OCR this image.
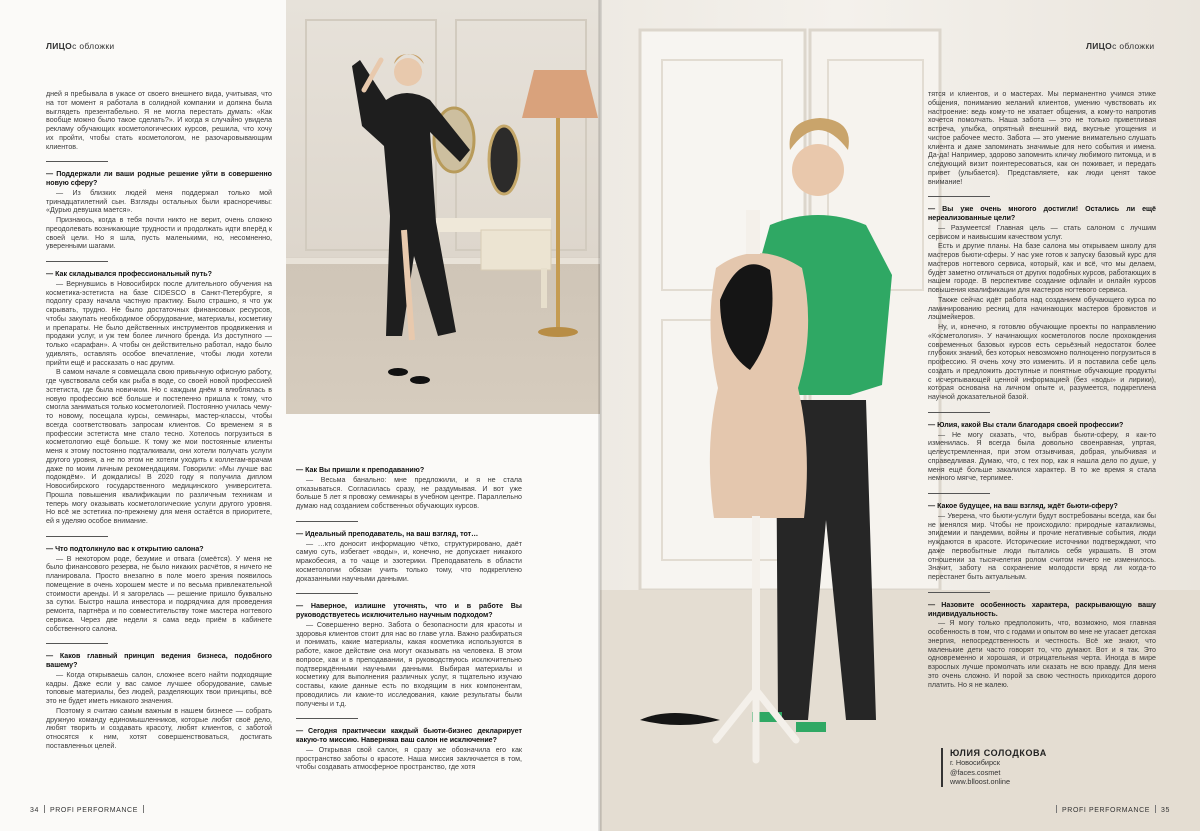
ЛИЦОс обложки

дней я пребывала в ужасе от своего внешнего вида, учитывая, что на тот момент я работала в солидной компании и должна была выглядеть презентабельно. Я не могла перестать думать: «Как вообще можно было такое сделать?». И когда я случайно увидела рекламу обучающих косметологических курсов, решила, что хочу их пройти, чтобы стать косметологом, не разочаровывающим клиентов.

— Поддержали ли ваши родные решение уйти в совершенно новую сферу?

— Из близких людей меня поддержал только мой тринадцатилетний сын. Взгляды остальных были красноречивы: «Дурью девушка мается».

Признаюсь, когда в тебя почти никто не верит, очень сложно преодолевать возникающие трудности и продолжать идти вперёд к своей цели. Но я шла, пусть маленькими, но, несомненно, уверенными шагами.

— Как складывался профессиональный путь?

— Вернувшись в Новосибирск после длительного обучения на косметика-эстетиста на базе CIDESCO в Санкт-Петербурге, я подолгу сразу начала частную практику. Было страшно, я что уж скрывать, трудно. Не было достаточных финансовых ресурсов, чтобы закупать необходимое оборудование, материалы, косметику и препараты. Не было действенных инструментов продвижения и продажи услуг, и уж тем более личного бренда. Из доступного — только «сарафан». А чтобы он действительно работал, надо было удивлять, оставлять особое впечатление, чтобы люди хотели прийти ещё и рассказать о нас другим.

В самом начале я совмещала свою привычную офисную работу, где чувствовала себя как рыба в воде, со своей новой профессией эстетиста, где была новичком. Но с каждым днём я влюблялась в новую профессию всё больше и постепенно пришла к тому, что смогла заниматься только косметологией. Постоянно училась чему-то новому, посещала курсы, семинары, мастер-классы, чтобы всегда соответствовать запросам клиентов. Со временем я в профессии эстетиста мне стало тесно. Хотелось погрузиться в косметологию ещё больше. К тому же мои постоянные клиенты меня к этому постоянно подталкивали, они хотели получать услуги другого уровня, а не по этом не хотели уходить к коллегам-врачам даже по моим личным рекомендациям. Говорили: «Мы лучше вас подождём». И дождались! В 2020 году я получила диплом Новосибирского государственного медицинского университета. Прошла повышения квалификации по различным техникам и теперь могу оказывать косметологические услуги другого уровня. Но всё же эстетика по-прежнему для меня остаётся в приоритете, ей я уделяю особое внимание.

— Что подтолкнуло вас к открытию салона?

— В некотором роде, безумие и отвага (смеётся). У меня не было финансового резерва, не было никаких расчётов, я ничего не планировала. Просто внезапно в поле моего зрения появилось помещение в очень хорошем месте и по весьма привлекательной стоимости аренды. И я загорелась — решение пришло буквально за сутки. Быстро нашла инвестора и подрядчика для проведения ремонта, партнёра и по совместительству тоже мастера ногтевого сервиса. Через две недели я сама ведь приём в кабинете собственного салона.

— Каков главный принцип ведения бизнеса, подобного вашему?

— Когда открываешь салон, сложнее всего найти подходящие кадры. Даже если у вас самое лучшее оборудование, самые топовые материалы, без людей, разделяющих твои принципы, всё это не будет иметь никакого значения.

Поэтому я считаю самым важным в нашем бизнесе — собрать дружную команду единомышленников, которые любят своё дело, любят творить и создавать красоту, любят клиентов, с заботой относятся к ним, хотят совершенствоваться, достигать поставленных целей.

— Как Вы пришли к преподаванию?

— Весьма банально: мне предложили, и я не стала отказываться. Согласилась сразу, не раздумывая. И вот уже больше 5 лет я провожу семинары в учебном центре. Параллельно думаю над созданием собственных обучающих курсов.

— Идеальный преподаватель, на ваш взгляд, тот…

— …кто доносит информацию чётко, структурировано, даёт самую суть, избегает «воды», и, конечно, не допускает никакого мракобесия, а то чаще и эзотерики. Преподаватель в области косметологии обязан учить только тому, что подкреплено доказанными научными данными.

— Наверное, излишне уточнять, что и в работе Вы руководствуетесь исключительно научным подходом?

— Совершенно верно. Забота о безопасности для красоты и здоровья клиентов стоит для нас во главе угла. Важно разбираться и понимать, какие материалы, какая косметика используются в работе, какое действие она могут оказывать на человека. В этом вопросе, как и в преподавании, я руководствуюсь исключительно подтверждёнными научными данными. Выбирая материалы и косметику для выполнения различных услуг, я тщательно изучаю составы, какие данные есть по входящим в них компонентам, проводились ли какие-то исследования, какие результаты были получены и т.д.

— Сегодня практически каждый бьюти-бизнес декларирует какую-то миссию. Наверняка ваш салон не исключение?

— Открывая свой салон, я сразу же обозначила его как пространство заботы о красоте. Наша миссия заключается в том, чтобы создавать атмосферное пространство, где хотя

34 PROFI PERFORMANCE
ЛИЦОс обложки

тятся и клиентов, и о мастерах. Мы перманентно учимся этике общения, пониманию желаний клиентов, умению чувствовать их настроение: ведь кому-то не хватает общения, а кому-то напротив хочется помолчать. Наша забота — это не только приветливая встреча, улыбка, опрятный внешний вид, вкусные угощения и чистое рабочее место. Забота — это умение внимательно слушать клиента и даже запоминать значимые для него события и имена. Да-да! Например, здорово запомнить кличку любимого питомца, и в следующий визит поинтересоваться, как он поживает, и передать привет (улыбается). Представляете, как люди ценят такое внимание!

— Вы уже очень многого достигли! Остались ли ещё нереализованные цели?

— Разумеется! Главная цель — стать салоном с лучшим сервисом и наивысшим качеством услуг.

Есть и другие планы. На базе салона мы открываем школу для мастеров бьюти-сферы. У нас уже готов к запуску базовый курс для мастеров ногтевого сервиса, который, как и всё, что мы делаем, будет заметно отличаться от других подобных курсов, работающих в нашем городе. В перспективе создание офлайн и онлайн курсов повышения квалификации для мастеров ногтевого сервиса.

Также сейчас идёт работа над созданием обучающего курса по ламинированию ресниц для начинающих мастеров бровистов и лэшмейкеров.

Ну, и, конечно, я готовлю обучающие проекты по направлению «Косметология». У начинающих косметологов после прохождения современных базовых курсов есть серьёзный недостаток более глубоких знаний, без которых невозможно полноценно погрузиться в профессию. Я очень хочу это изменить. И я поставила себе цель создать и предложить доступные и понятные обучающие продукты с исчерпывающей ценной информацией (без «воды» и лирики), которая основана на личном опыте и, разумеется, подкреплена научной доказательной базой.

— Юлия, какой Вы стали благодаря своей профессии?

— Не могу сказать, что, выбрав бьюти-сферу, я как-то изменилась. Я всегда была довольно своенравная, упртая, целеустремленная, при этом отзывчивая, добрая, улыбчивая и справедливая. Думаю, что, с тех пор, как я нашла дело по душе, у меня ещё больше закалился характер. В то же время я стала немного мягче, терпимее.

— Какое будущее, на ваш взгляд, ждёт бьюти-сферу?

— Уверена, что бьюти-услуги будут востребованы всегда, как бы не менялся мир. Чтобы не происходило: природные катаклизмы, эпидемии и пандемии, войны и прочие негативные события, люди нуждаются в красоте. Исторические источники подтверждают, что даже первобытные люди пытались себя украшать. В этом отношении за тысячелетия ролом считом ничего не изменилось. Значит, заботу на сохранение молодости вряд ли когда-то перестанет быть актуальным.

— Назовите особенность характера, раскрывающую вашу индивидуальность.

— Я могу только предположить, что, возможно, моя главная особенность в том, что с годами и опытом во мне не угасает детская энергия, непосредственность и честность. Всё же знают, что маленькие дети часто говорят то, что думают. Вот и я так. Это одновременно и хорошая, и отрицательная черта. Иногда в мире взрослых лучше промолчать или сказать не всю правду. Для меня это очень сложно. И порой за свою честность приходится дорого платить. Но я не жалею.

ЮЛИЯ СОЛОДКОВА
г. Новосибирск
@faces.cosmet
www.blloost.online
PROFI PERFORMANCE 35
